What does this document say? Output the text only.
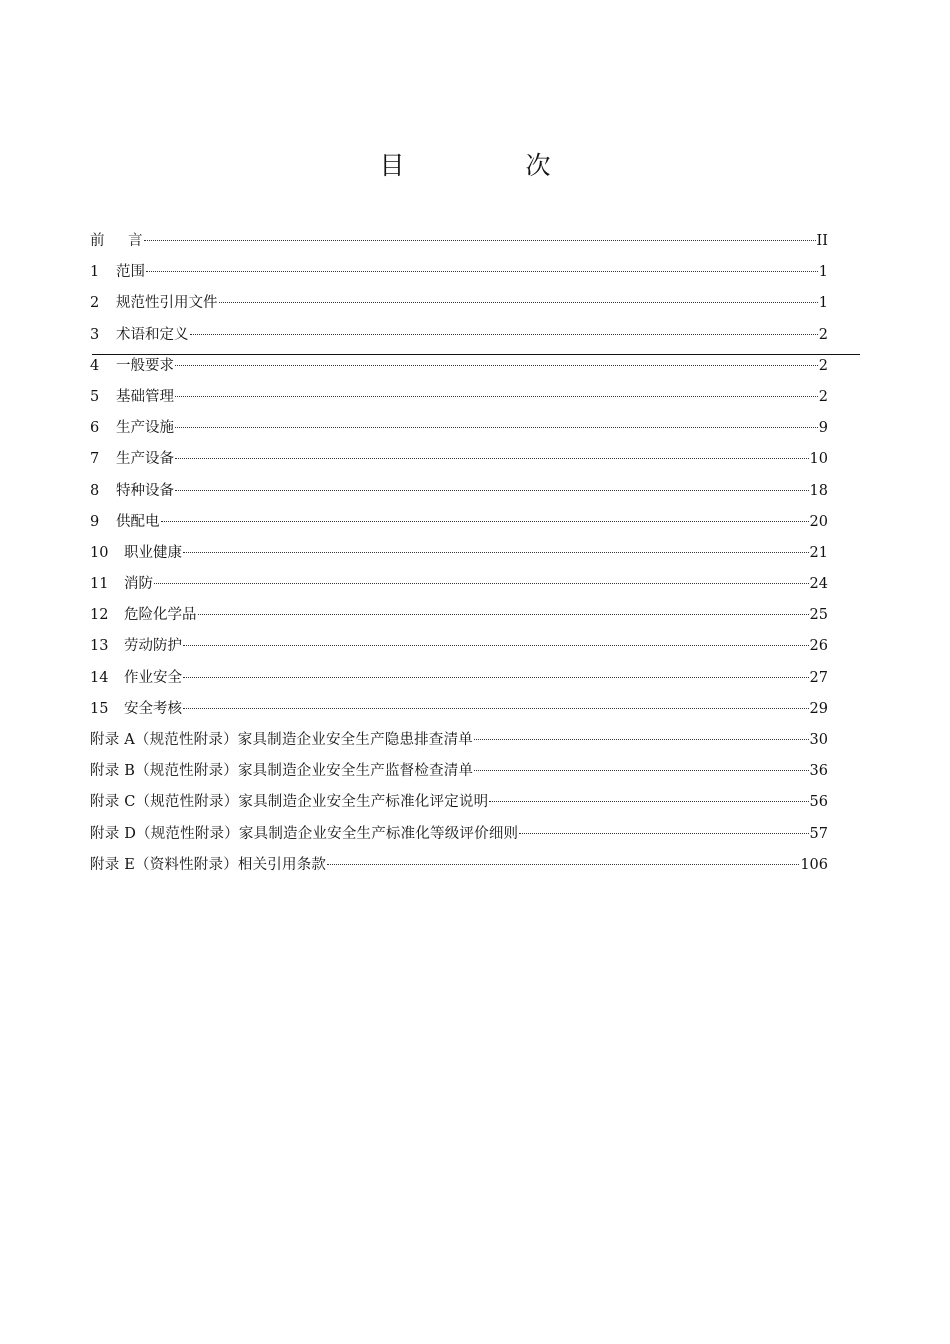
目　次
前 言	II
1 范围	1
2 规范性引用文件	1
3 术语和定义	2
4 一般要求	2
5 基础管理	2
6 生产设施	9
7 生产设备	10
8 特种设备	18
9 供配电	20
10 职业健康	21
11 消防	24
12 危险化学品	25
13 劳动防护	26
14 作业安全	27
15 安全考核	29
附录 A（规范性附录）家具制造企业安全生产隐患排查清单	30
附录 B（规范性附录）家具制造企业安全生产监督检查清单	36
附录 C（规范性附录）家具制造企业安全生产标准化评定说明	56
附录 D（规范性附录）家具制造企业安全生产标准化等级评价细则	57
附录 E（资料性附录）相关引用条款	106
